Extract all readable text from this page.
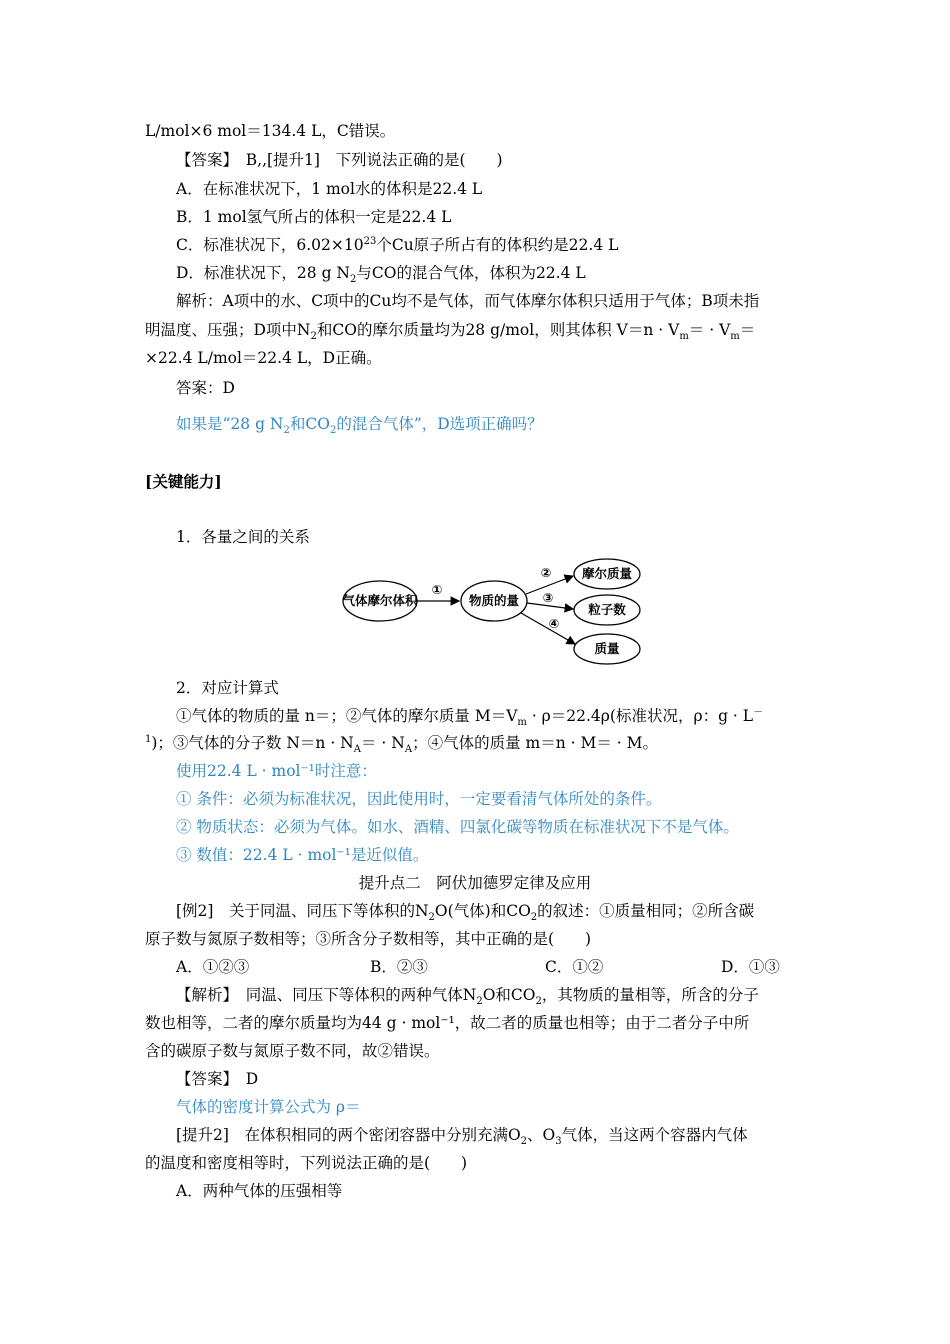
L/mol×6 mol＝134.4 L，C错误。
【答案】　B,,[提升1]　下列说法正确的是(　　)
A．在标准状况下，1 mol水的体积是22.4 L
B．1 mol氢气所占的体积一定是22.4 L
C．标准状况下，$6.02\times 10^{23}$个Cu原子所占有的体积约是22.4 L
D．标准状况下，28 g $N_2$与CO的混合气体，体积为22.4 L
解析：A项中的水、C项中的Cu均不是气体，而气体摩尔体积只适用于气体；B项未指
明温度、压强；D项中$N_2$和CO的摩尔质量均为28 g/mol，则其体积 $V=n \cdot V_m= \cdot V_m=$
×22.4 L/mol＝22.4 L，D正确。
答案：D
如果是“28 g $N_2$和$CO_2$的混合气体”，D选项正确吗？
[关键能力]
1．各量之间的关系
气体摩尔体积	物质的量
摩尔质量
粒子数
质量
①
②
③
④
2．对应计算式
①气体的物质的量 n＝；②气体的摩尔质量 $M=V_m \cdot \rho=22.4\rho$(标准状况，ρ：g · L－
$^1$)；③气体的分子数 $N=n \cdot N_A= \cdot N_A$；④气体的质量 m＝n · M＝ · M。
使用22.4 L · mol⁻¹时注意：
① 条件：必须为标准状况，因此使用时，一定要看清气体所处的条件。
② 物质状态：必须为气体。如水、酒精、四氯化碳等物质在标准状况下不是气体。
③ 数值：22.4 L · mol⁻¹是近似值。
提升点二　阿伏加德罗定律及应用
[例2]　关于同温、同压下等体积的$N_2O$(气体)和$CO_2$的叙述：①质量相同；②所含碳
原子数与氮原子数相等；③所含分子数相等，其中正确的是(　　)
A．①②③	B．②③	C．①②	D．①③
【解析】　同温、同压下等体积的两种气体$N_2O$和$CO_2$，其物质的量相等，所含的分子
数也相等，二者的摩尔质量均为44 g · mol⁻¹，故二者的质量也相等；由于二者分子中所
含的碳原子数与氮原子数不同，故②错误。
【答案】　D
气体的密度计算公式为 ρ＝
[提升2]　在体积相同的两个密闭容器中分别充满$O_2$、$O_3$气体，当这两个容器内气体
的温度和密度相等时，下列说法正确的是(　　)
A．两种气体的压强相等
